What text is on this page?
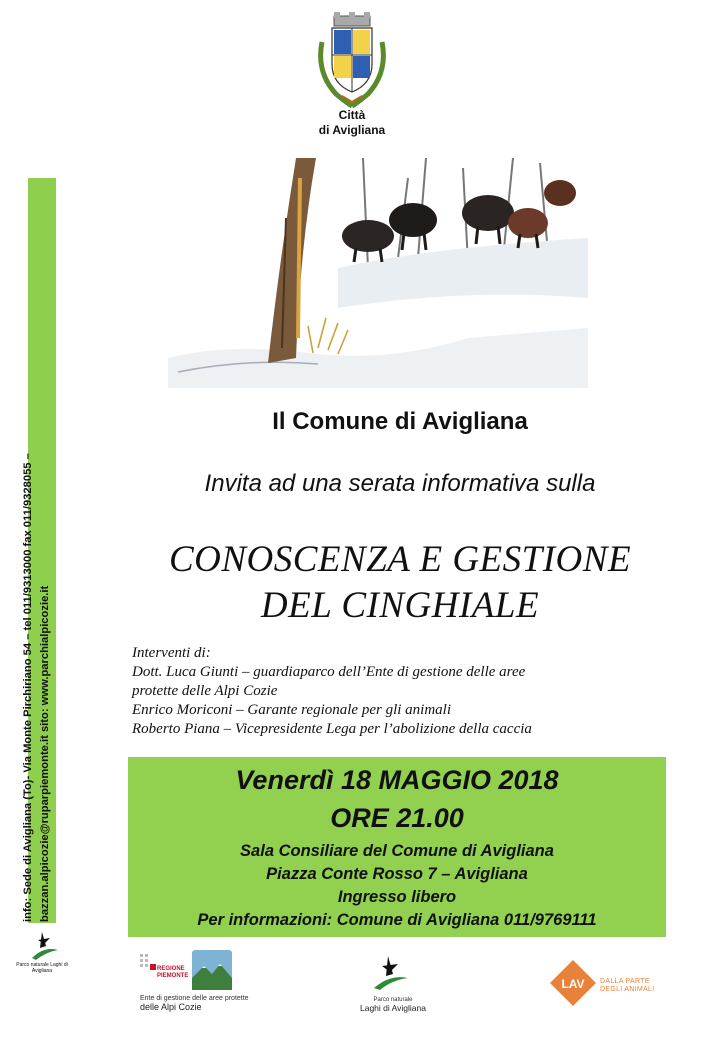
Città
di Avigliana
info: Sede di Avigliana (To)- Via Monte Pirchiriano 54 – tel 011/9313000 fax 011/9328055 – bazzan.alpicozie@ruparpiemonte.it sito: www.parchialpicozie.it
Parco naturale Laghi di Avigliana
Il Comune di Avigliana
Invita ad una serata informativa sulla
CONOSCENZA E GESTIONE
DEL CINGHIALE
Interventi di:
Dott. Luca Giunti – guardiaparco dell’Ente di gestione delle aree
protette delle Alpi Cozie
Enrico Moriconi – Garante regionale per gli animali
Roberto Piana – Vicepresidente Lega per l’abolizione della caccia
Venerdì 18 MAGGIO 2018
ORE 21.00
Sala Consiliare del Comune di Avigliana
Piazza Conte Rosso 7 – Avigliana
Ingresso libero
Per informazioni: Comune di Avigliana 011/9769111
REGIONE
PIEMONTE
Ente di gestione delle aree protette
delle Alpi Cozie
Parco naturale
Laghi di Avigliana
LAV DALLA PARTE DEGLI ANIMALI
